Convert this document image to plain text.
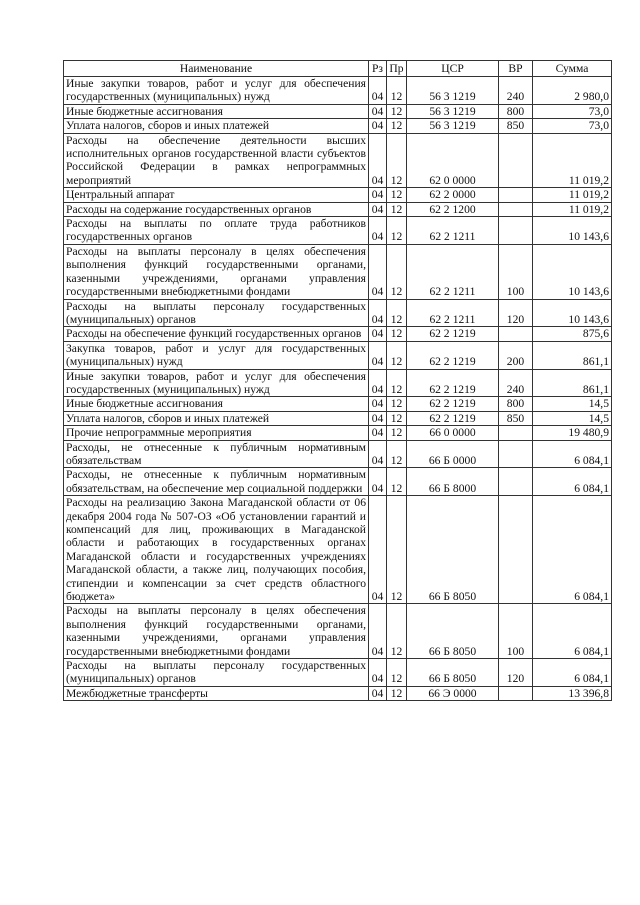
Наименование	Рз	Пр	ЦСР	ВР	Сумма
Иные закупки товаров, работ и услуг для обеспечения государственных (муниципальных) нужд	04	12	56 3 1219	240	2 980,0
Иные бюджетные ассигнования	04	12	56 3 1219	800	73,0
Уплата налогов, сборов и иных платежей	04	12	56 3 1219	850	73,0
Расходы на обеспечение деятельности высших исполнительных органов государственной власти субъектов Российской Федерации в рамках непрограммных мероприятий	04	12	62 0 0000		11 019,2
Центральный аппарат	04	12	62 2 0000		11 019,2
Расходы на содержание государственных органов	04	12	62 2 1200		11 019,2
Расходы на выплаты по оплате труда работников государственных органов	04	12	62 2 1211		10 143,6
Расходы на выплаты персоналу в целях обеспечения выполнения функций государственными органами, казенными учреждениями, органами управления государственными внебюджетными фондами	04	12	62 2 1211	100	10 143,6
Расходы на выплаты персоналу государственных (муниципальных) органов	04	12	62 2 1211	120	10 143,6
Расходы на обеспечение функций государственных органов	04	12	62 2 1219		875,6
Закупка товаров, работ и услуг для государственных (муниципальных) нужд	04	12	62 2 1219	200	861,1
Иные закупки товаров, работ и услуг для обеспечения государственных (муниципальных) нужд	04	12	62 2 1219	240	861,1
Иные бюджетные ассигнования	04	12	62 2 1219	800	14,5
Уплата налогов, сборов и иных платежей	04	12	62 2 1219	850	14,5
Прочие непрограммные мероприятия	04	12	66 0 0000		19 480,9
Расходы, не отнесенные к публичным нормативным обязательствам	04	12	66 Б 0000		6 084,1
Расходы, не отнесенные к публичным нормативным обязательствам, на обеспечение мер социальной поддержки	04	12	66 Б 8000		6 084,1
Расходы на реализацию Закона Магаданской области от 06 декабря 2004 года № 507-ОЗ «Об установлении гарантий и компенсаций для лиц, проживающих в Магаданской области и работающих в государственных органах Магаданской области и государственных учреждениях Магаданской области, а также лиц, получающих пособия, стипендии и компенсации за счет средств областного бюджета»	04	12	66 Б 8050		6 084,1
Расходы на выплаты персоналу в целях обеспечения выполнения функций государственными органами, казенными учреждениями, органами управления государственными внебюджетными фондами	04	12	66 Б 8050	100	6 084,1
Расходы на выплаты персоналу государственных (муниципальных) органов	04	12	66 Б 8050	120	6 084,1
Межбюджетные трансферты	04	12	66 Э 0000		13 396,8
